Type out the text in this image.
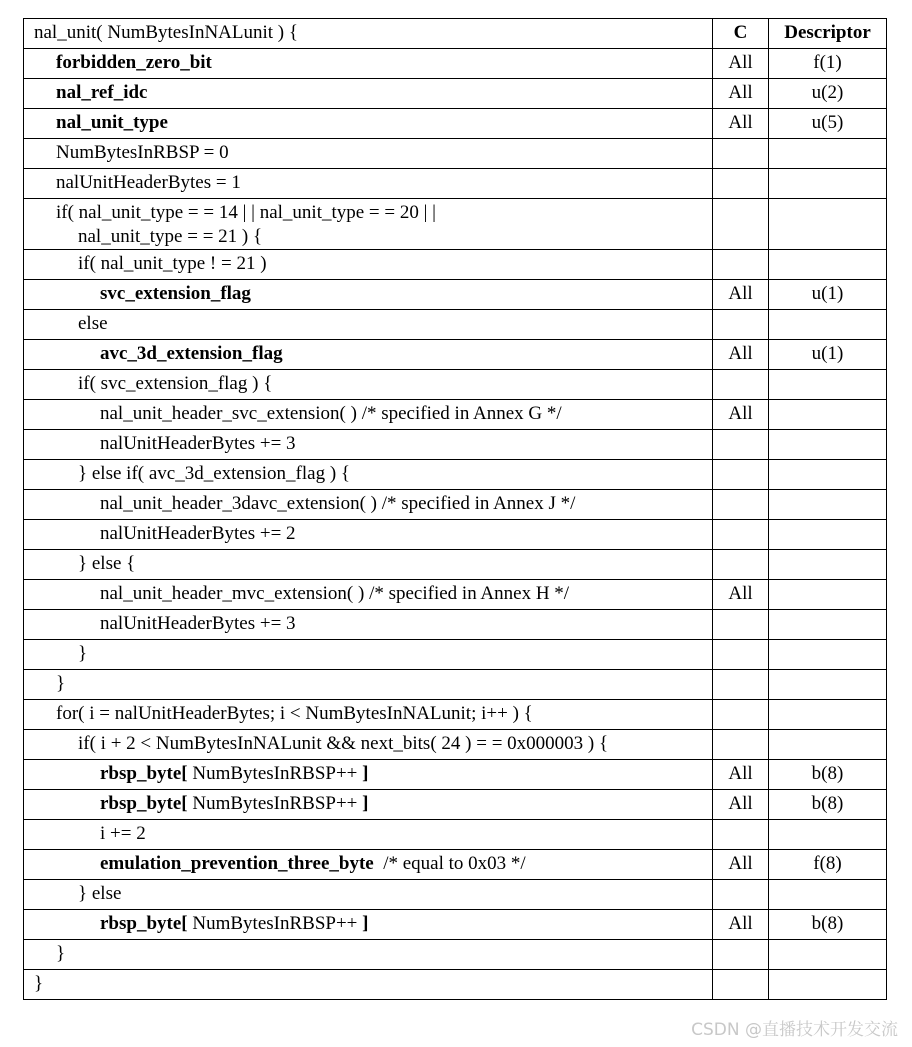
nal_unit( NumBytesInNALunit ) {	C	Descriptor
forbidden_zero_bit	All	f(1)
nal_ref_idc	All	u(2)
nal_unit_type	All	u(5)
NumBytesInRBSP = 0		
nalUnitHeaderBytes = 1		
if( nal_unit_type = = 14 | | nal_unit_type = = 20 | |
nal_unit_type = = 21 ) {		

if( nal_unit_type ! = 21 )		
svc_extension_flag	All	u(1)
else		
avc_3d_extension_flag	All	u(1)
if( svc_extension_flag ) {		
nal_unit_header_svc_extension( ) /* specified in Annex G */	All	
nalUnitHeaderBytes += 3		
} else if( avc_3d_extension_flag ) {		
nal_unit_header_3davc_extension( ) /* specified in Annex J */		
nalUnitHeaderBytes += 2		
} else {		
nal_unit_header_mvc_extension( ) /* specified in Annex H */	All	
nalUnitHeaderBytes += 3		
}		
}		
for( i = nalUnitHeaderBytes; i < NumBytesInNALunit; i++ ) {		
if( i + 2 < NumBytesInNALunit && next_bits( 24 ) = = 0x000003 ) {		
rbsp_byte[ NumBytesInRBSP++ ]	All	b(8)
rbsp_byte[ NumBytesInRBSP++ ]	All	b(8)
i += 2		
emulation_prevention_three_byte  /* equal to 0x03 */	All	f(8)
} else		
rbsp_byte[ NumBytesInRBSP++ ]	All	b(8)
}		
}		
CSDN @直播技术开发交流
